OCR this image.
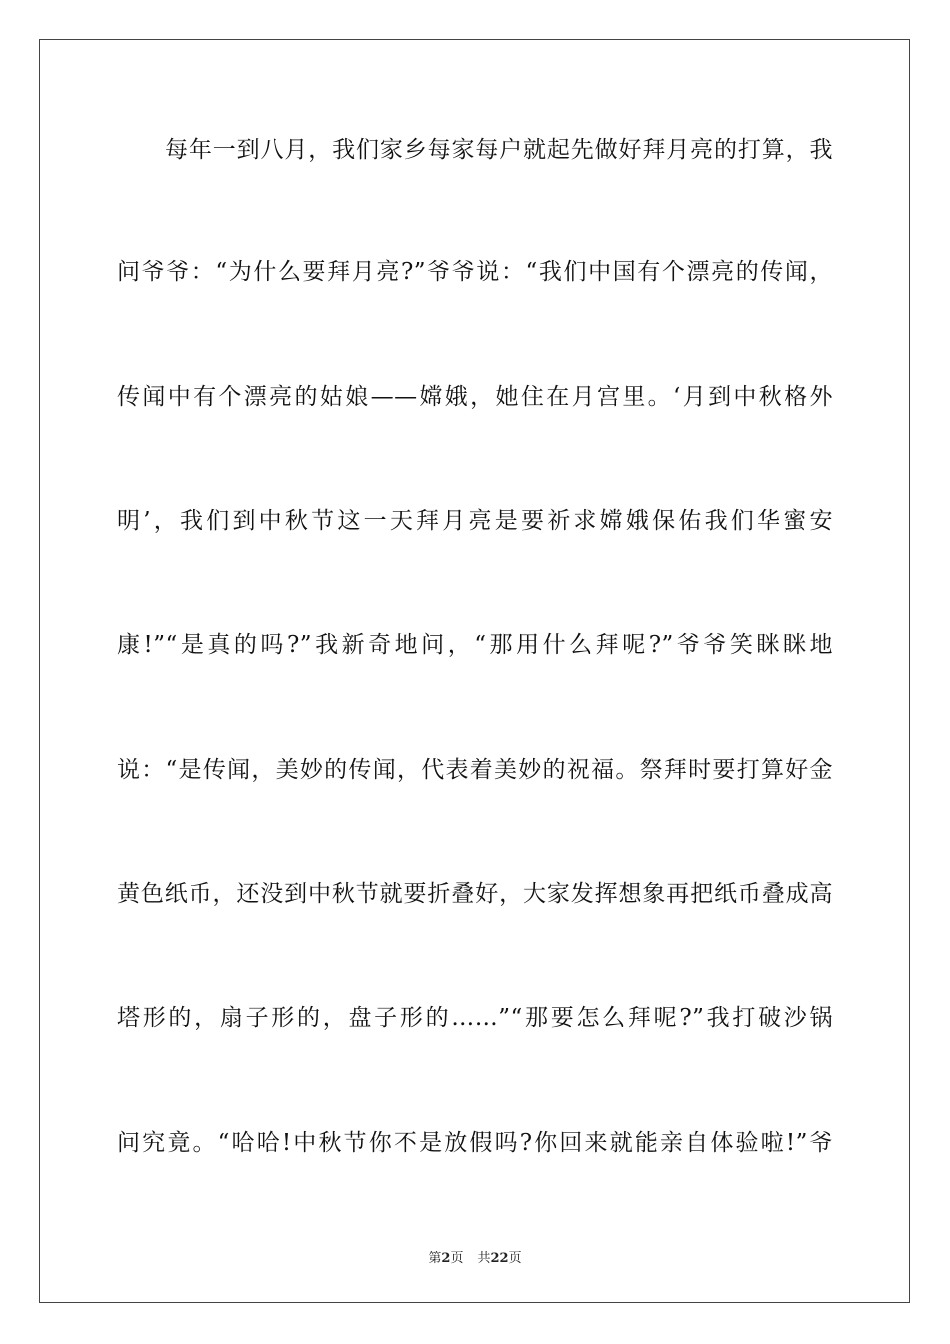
每年一到八月，我们家乡每家每户就起先做好拜月亮的打算，我
问爷爷：“为什么要拜月亮?”爷爷说：“我们中国有个漂亮的传闻，
传闻中有个漂亮的姑娘——嫦娥，她住在月宫里。‘月到中秋格外
明’，我们到中秋节这一天拜月亮是要祈求嫦娥保佑我们华蜜安
康!”“是真的吗?”我新奇地问，“那用什么拜呢?”爷爷笑眯眯地
说：“是传闻，美妙的传闻，代表着美妙的祝福。祭拜时要打算好金
黄色纸币，还没到中秋节就要折叠好，大家发挥想象再把纸币叠成高
塔形的，扇子形的，盘子形的……”“那要怎么拜呢?”我打破沙锅
问究竟。“哈哈!中秋节你不是放假吗?你回来就能亲自体验啦!”爷
第2页 共22页
